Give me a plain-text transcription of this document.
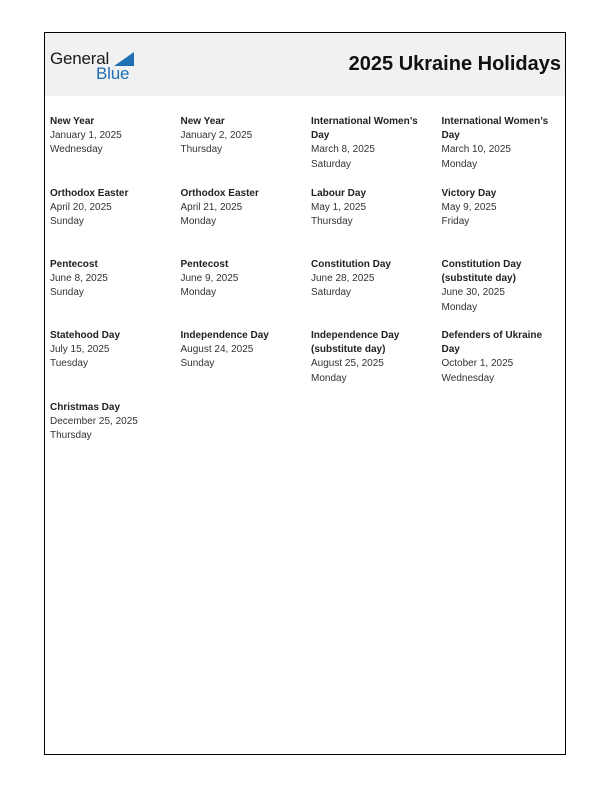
General
Blue	2025 Ukraine Holidays
New Year
January 1, 2025
Wednesday
New Year
January 2, 2025
Thursday
International Women’s
Day
March 8, 2025
Saturday
International Women’s
Day
March 10, 2025
Monday
Orthodox Easter
April 20, 2025
Sunday
Orthodox Easter
April 21, 2025
Monday
Labour Day
May 1, 2025
Thursday
Victory Day
May 9, 2025
Friday
Pentecost
June 8, 2025
Sunday
Pentecost
June 9, 2025
Monday
Constitution Day
June 28, 2025
Saturday
Constitution Day
(substitute day)
June 30, 2025
Monday
Statehood Day
July 15, 2025
Tuesday
Independence Day
August 24, 2025
Sunday
Independence Day
(substitute day)
August 25, 2025
Monday
Defenders of Ukraine
Day
October 1, 2025
Wednesday
Christmas Day
December 25, 2025
Thursday
